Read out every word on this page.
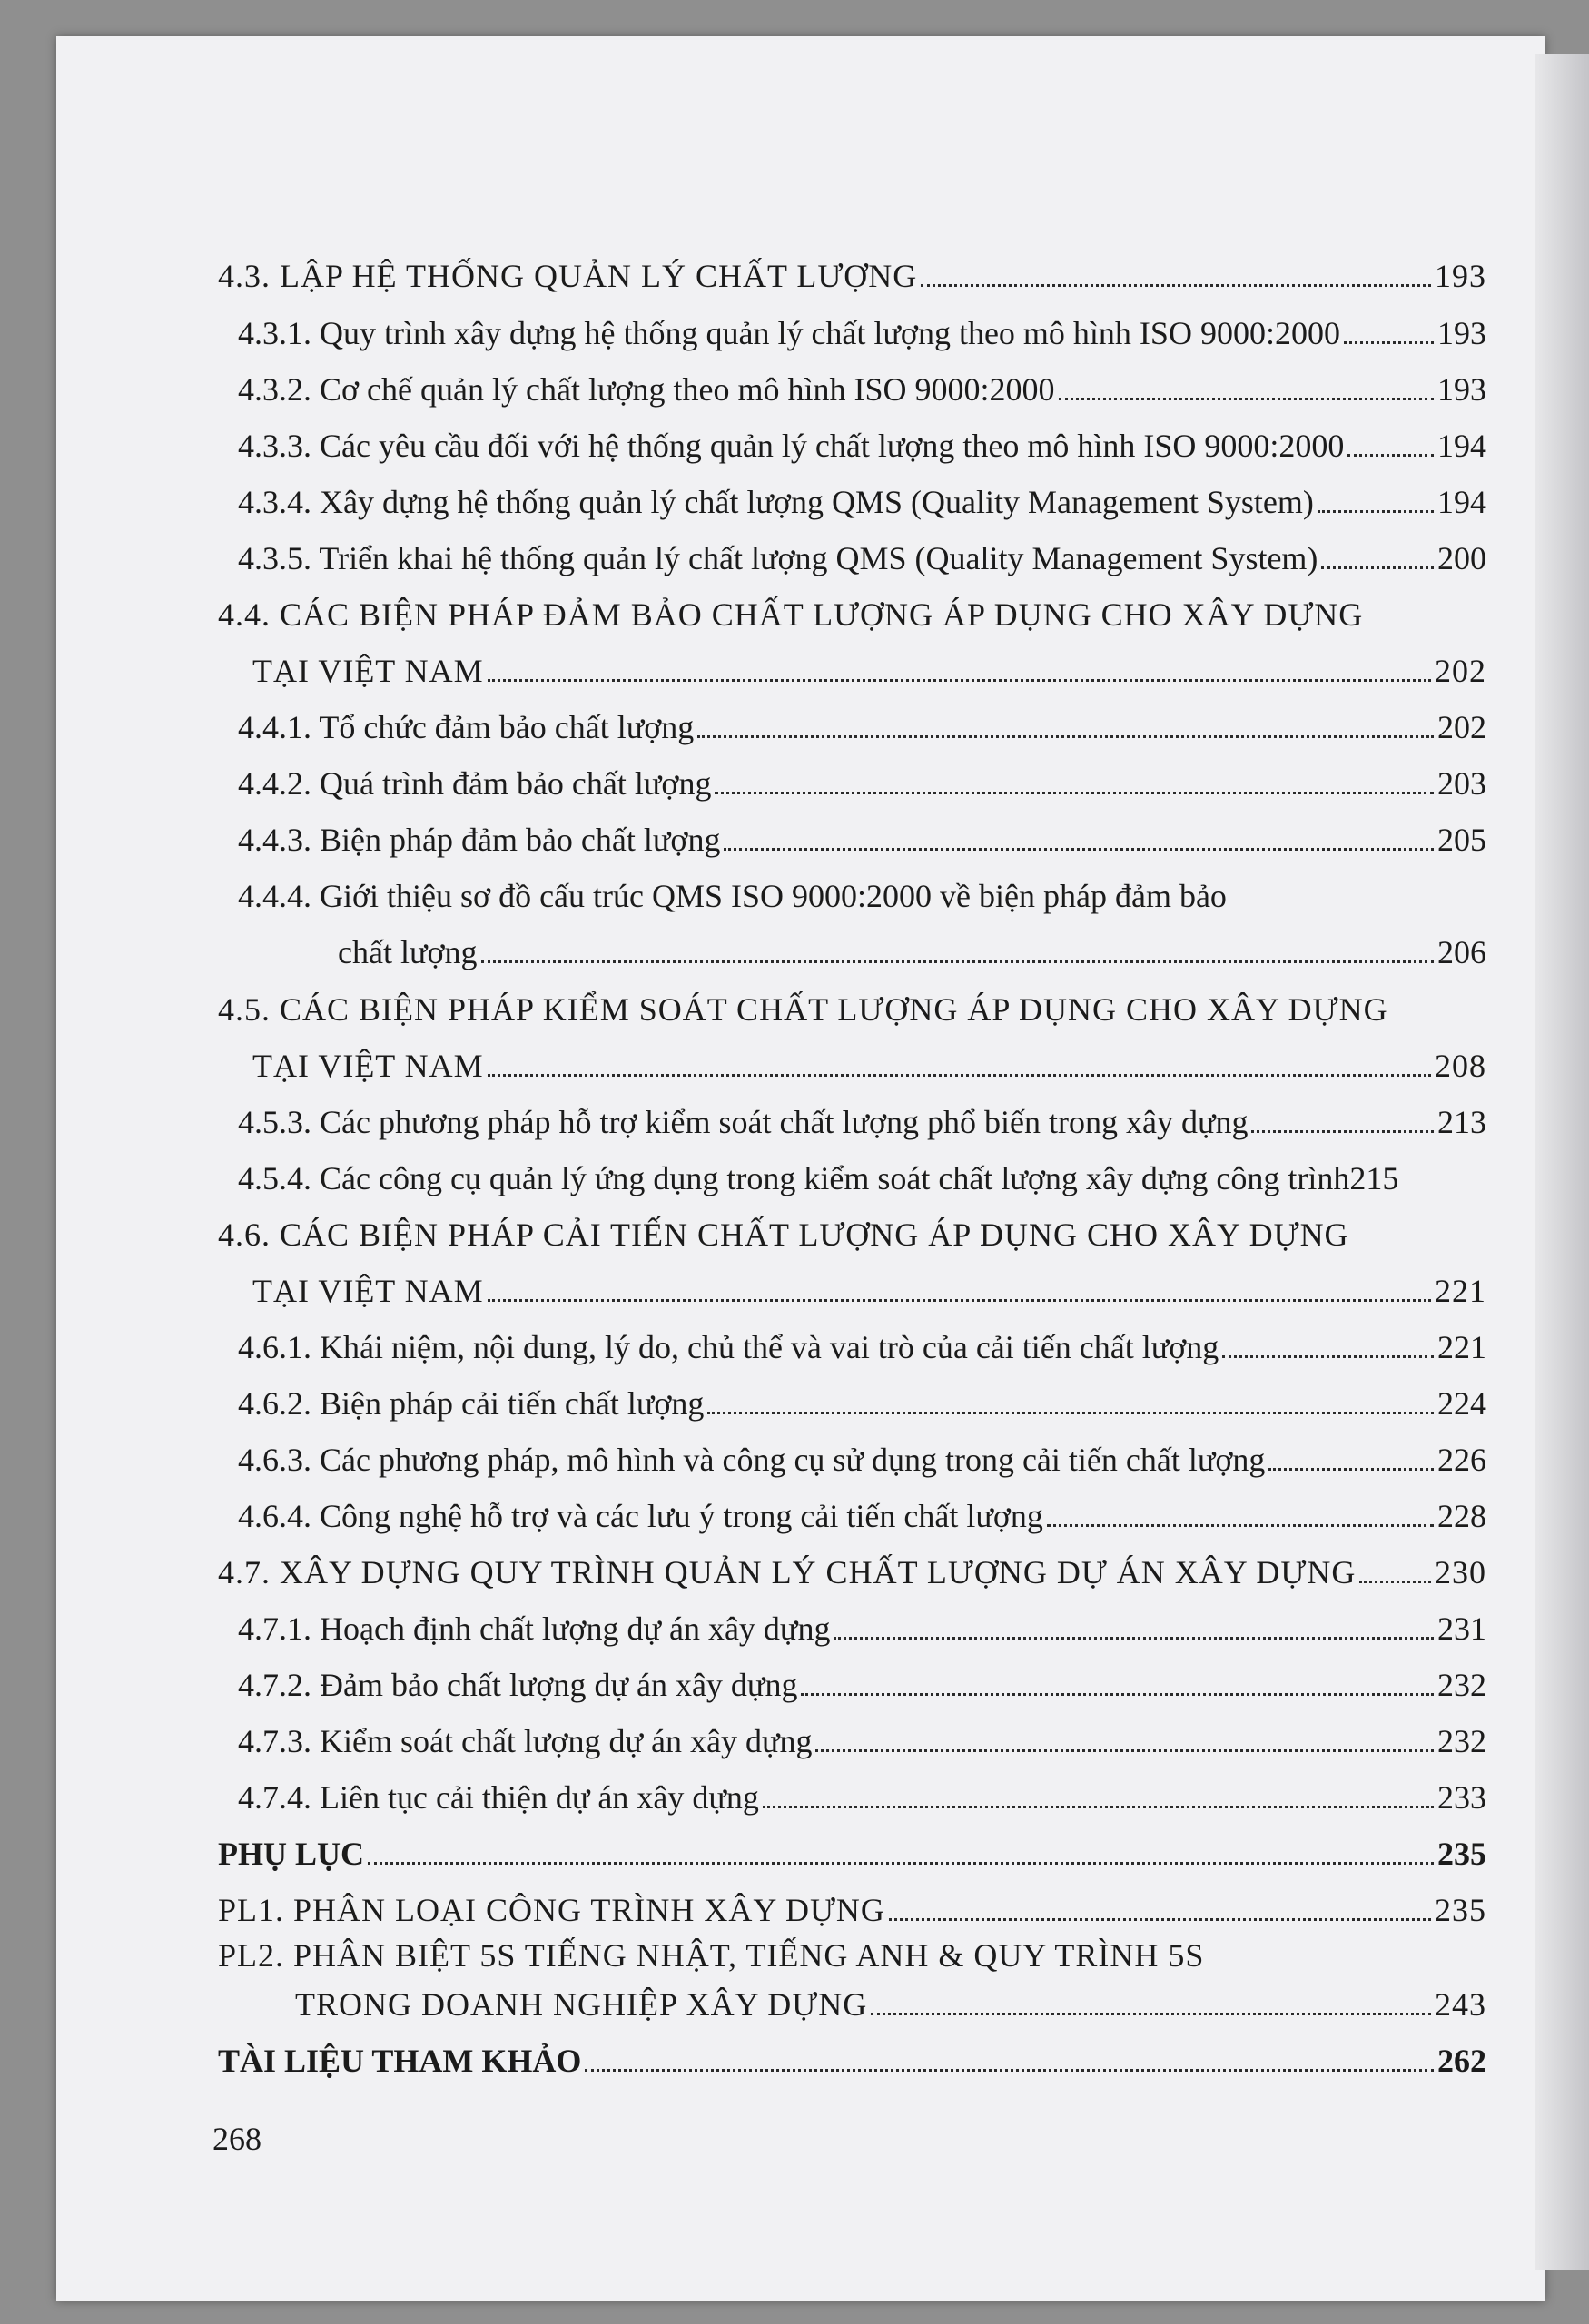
4.3. LẬP HỆ THỐNG QUẢN LÝ CHẤT LƯỢNG	193
4.3.1. Quy trình xây dựng hệ thống quản lý chất lượng theo mô hình ISO 9000:2000	193
4.3.2. Cơ chế quản lý chất lượng theo mô hình ISO 9000:2000	193
4.3.3. Các yêu cầu đối với hệ thống quản lý chất lượng theo mô hình ISO 9000:2000	194
4.3.4. Xây dựng hệ thống quản lý chất lượng QMS (Quality Management System)	194
4.3.5. Triển khai hệ thống quản lý chất lượng QMS (Quality Management System)	200
4.4. CÁC BIỆN PHÁP ĐẢM BẢO CHẤT LƯỢNG ÁP DỤNG CHO XÂY DỰNG
TẠI VIỆT NAM	202
4.4.1. Tổ chức đảm bảo chất lượng	202
4.4.2. Quá trình đảm bảo chất lượng	203
4.4.3. Biện pháp đảm bảo chất lượng	205
4.4.4. Giới thiệu sơ đồ cấu trúc QMS ISO 9000:2000 về biện pháp đảm bảo
chất lượng	206
4.5. CÁC BIỆN PHÁP KIỂM SOÁT CHẤT LƯỢNG ÁP DỤNG CHO XÂY DỰNG
TẠI VIỆT NAM	208
4.5.3. Các phương pháp hỗ trợ kiểm soát chất lượng phổ biến trong xây dựng	213
4.5.4. Các công cụ quản lý ứng dụng trong kiểm soát chất lượng xây dựng công trình 215
4.6. CÁC BIỆN PHÁP CẢI TIẾN CHẤT LƯỢNG ÁP DỤNG CHO XÂY DỰNG
TẠI VIỆT NAM	221
4.6.1. Khái niệm, nội dung, lý do, chủ thể và vai trò của cải tiến chất lượng	221
4.6.2. Biện pháp cải tiến chất lượng	224
4.6.3. Các phương pháp, mô hình và công cụ sử dụng trong cải tiến chất lượng	226
4.6.4. Công nghệ hỗ trợ và các lưu ý trong cải tiến chất lượng	228
4.7. XÂY DỰNG QUY TRÌNH QUẢN LÝ CHẤT LƯỢNG DỰ ÁN XÂY DỰNG 230
4.7.1. Hoạch định chất lượng dự án xây dựng	231
4.7.2. Đảm bảo chất lượng dự án xây dựng	232
4.7.3. Kiểm soát chất lượng dự án xây dựng	232
4.7.4. Liên tục cải thiện dự án xây dựng	233
PHỤ LỤC	235
PL1. PHÂN LOẠI CÔNG TRÌNH XÂY DỰNG	235
PL2. PHÂN BIỆT 5S TIẾNG NHẬT, TIẾNG ANH & QUY TRÌNH 5S
TRONG DOANH NGHIỆP XÂY DỰNG	243
TÀI LIỆU THAM KHẢO	262
268
